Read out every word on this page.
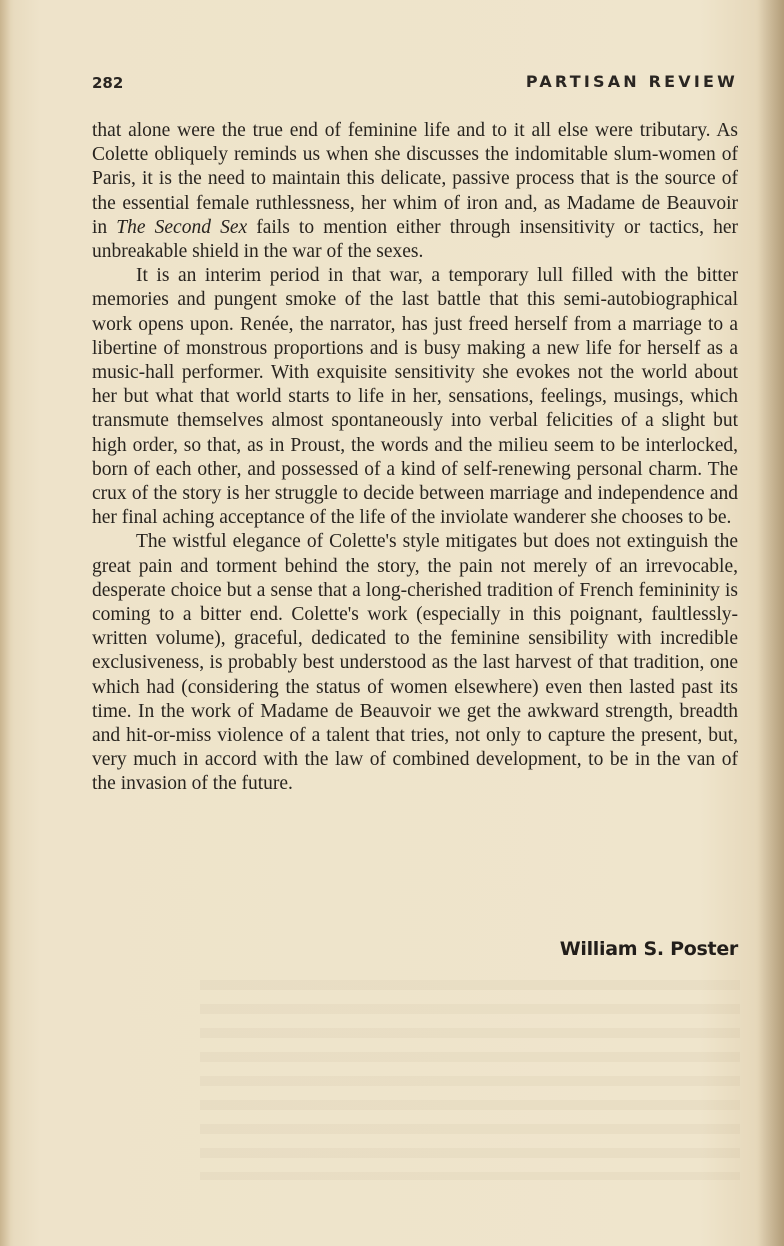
282	PARTISAN REVIEW

that alone were the true end of feminine life and to it all else were tributary. As Colette obliquely reminds us when she discusses the indomitable slum-women of Paris, it is the need to maintain this delicate, passive process that is the source of the essential female ruthlessness, her whim of iron and, as Madame de Beauvoir in The Second Sex fails to mention either through insensitivity or tactics, her unbreakable shield in the war of the sexes.

It is an interim period in that war, a temporary lull filled with the bitter memories and pungent smoke of the last battle that this semi-autobiographical work opens upon. Renée, the narrator, has just freed herself from a marriage to a libertine of monstrous proportions and is busy making a new life for herself as a music-hall performer. With exquisite sensitivity she evokes not the world about her but what that world starts to life in her, sensations, feelings, musings, which transmute themselves almost spontaneously into verbal felicities of a slight but high order, so that, as in Proust, the words and the milieu seem to be interlocked, born of each other, and possessed of a kind of self-renewing personal charm. The crux of the story is her struggle to decide between marriage and independence and her final aching acceptance of the life of the inviolate wanderer she chooses to be.

The wistful elegance of Colette's style mitigates but does not extinguish the great pain and torment behind the story, the pain not merely of an irrevocable, desperate choice but a sense that a long-cherished tradition of French femininity is coming to a bitter end. Colette's work (especially in this poignant, faultlessly-written volume), graceful, dedicated to the feminine sensibility with incredible exclusiveness, is probably best understood as the last harvest of that tradition, one which had (considering the status of women elsewhere) even then lasted past its time. In the work of Madame de Beauvoir we get the awkward strength, breadth and hit-or-miss violence of a talent that tries, not only to capture the present, but, very much in accord with the law of combined development, to be in the van of the invasion of the future.

William S. Poster
